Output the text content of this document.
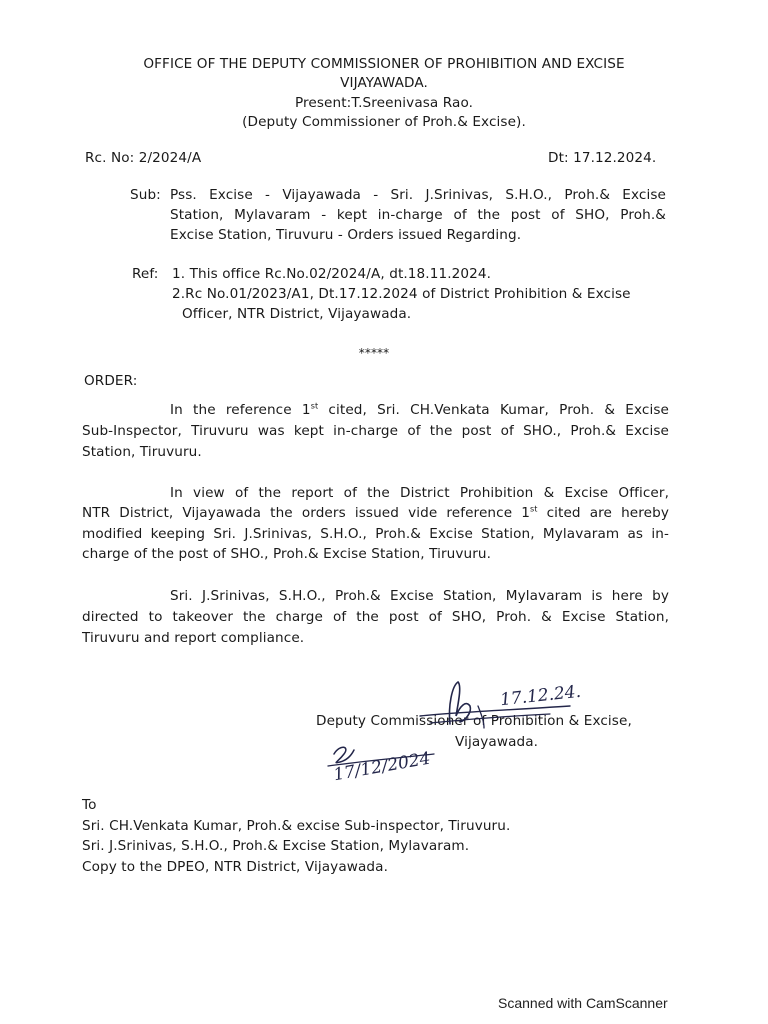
OFFICE OF THE DEPUTY COMMISSIONER OF PROHIBITION AND EXCISE
VIJAYAWADA.
Present:T.Sreenivasa Rao.
(Deputy Commissioner of Proh.& Excise).
Rc. No: 2/2024/A	Dt: 17.12.2024.
Sub: Pss. Excise - Vijayawada - Sri. J.Srinivas, S.H.O., Proh.& Excise
Station, Mylavaram - kept in-charge of the post of SHO, Proh.&
Excise Station, Tiruvuru - Orders issued Regarding.
Ref: 1. This office Rc.No.02/2024/A, dt.18.11.2024.
2.Rc No.01/2023/A1, Dt.17.12.2024 of District Prohibition & Excise
Officer, NTR District, Vijayawada.
*****
ORDER:
In the reference 1st cited, Sri. CH.Venkata Kumar, Proh. & Excise
Sub-Inspector, Tiruvuru was kept in-charge of the post of SHO., Proh.& Excise
Station, Tiruvuru.
In view of the report of the District Prohibition & Excise Officer,
NTR District, Vijayawada the orders issued vide reference 1st cited are hereby
modified keeping Sri. J.Srinivas, S.H.O., Proh.& Excise Station, Mylavaram as in-
charge of the post of SHO., Proh.& Excise Station, Tiruvuru.
Sri. J.Srinivas, S.H.O., Proh.& Excise Station, Mylavaram is here by
directed to takeover the charge of the post of SHO, Proh. & Excise Station,
Tiruvuru and report compliance.
Deputy Commissioner of Prohibition & Excise,
Vijayawada.
17.12.24.
17/12/2024
To
Sri. CH.Venkata Kumar, Proh.& excise Sub-inspector, Tiruvuru.
Sri. J.Srinivas, S.H.O., Proh.& Excise Station, Mylavaram.
Copy to the DPEO, NTR District, Vijayawada.
Scanned with CamScanner
